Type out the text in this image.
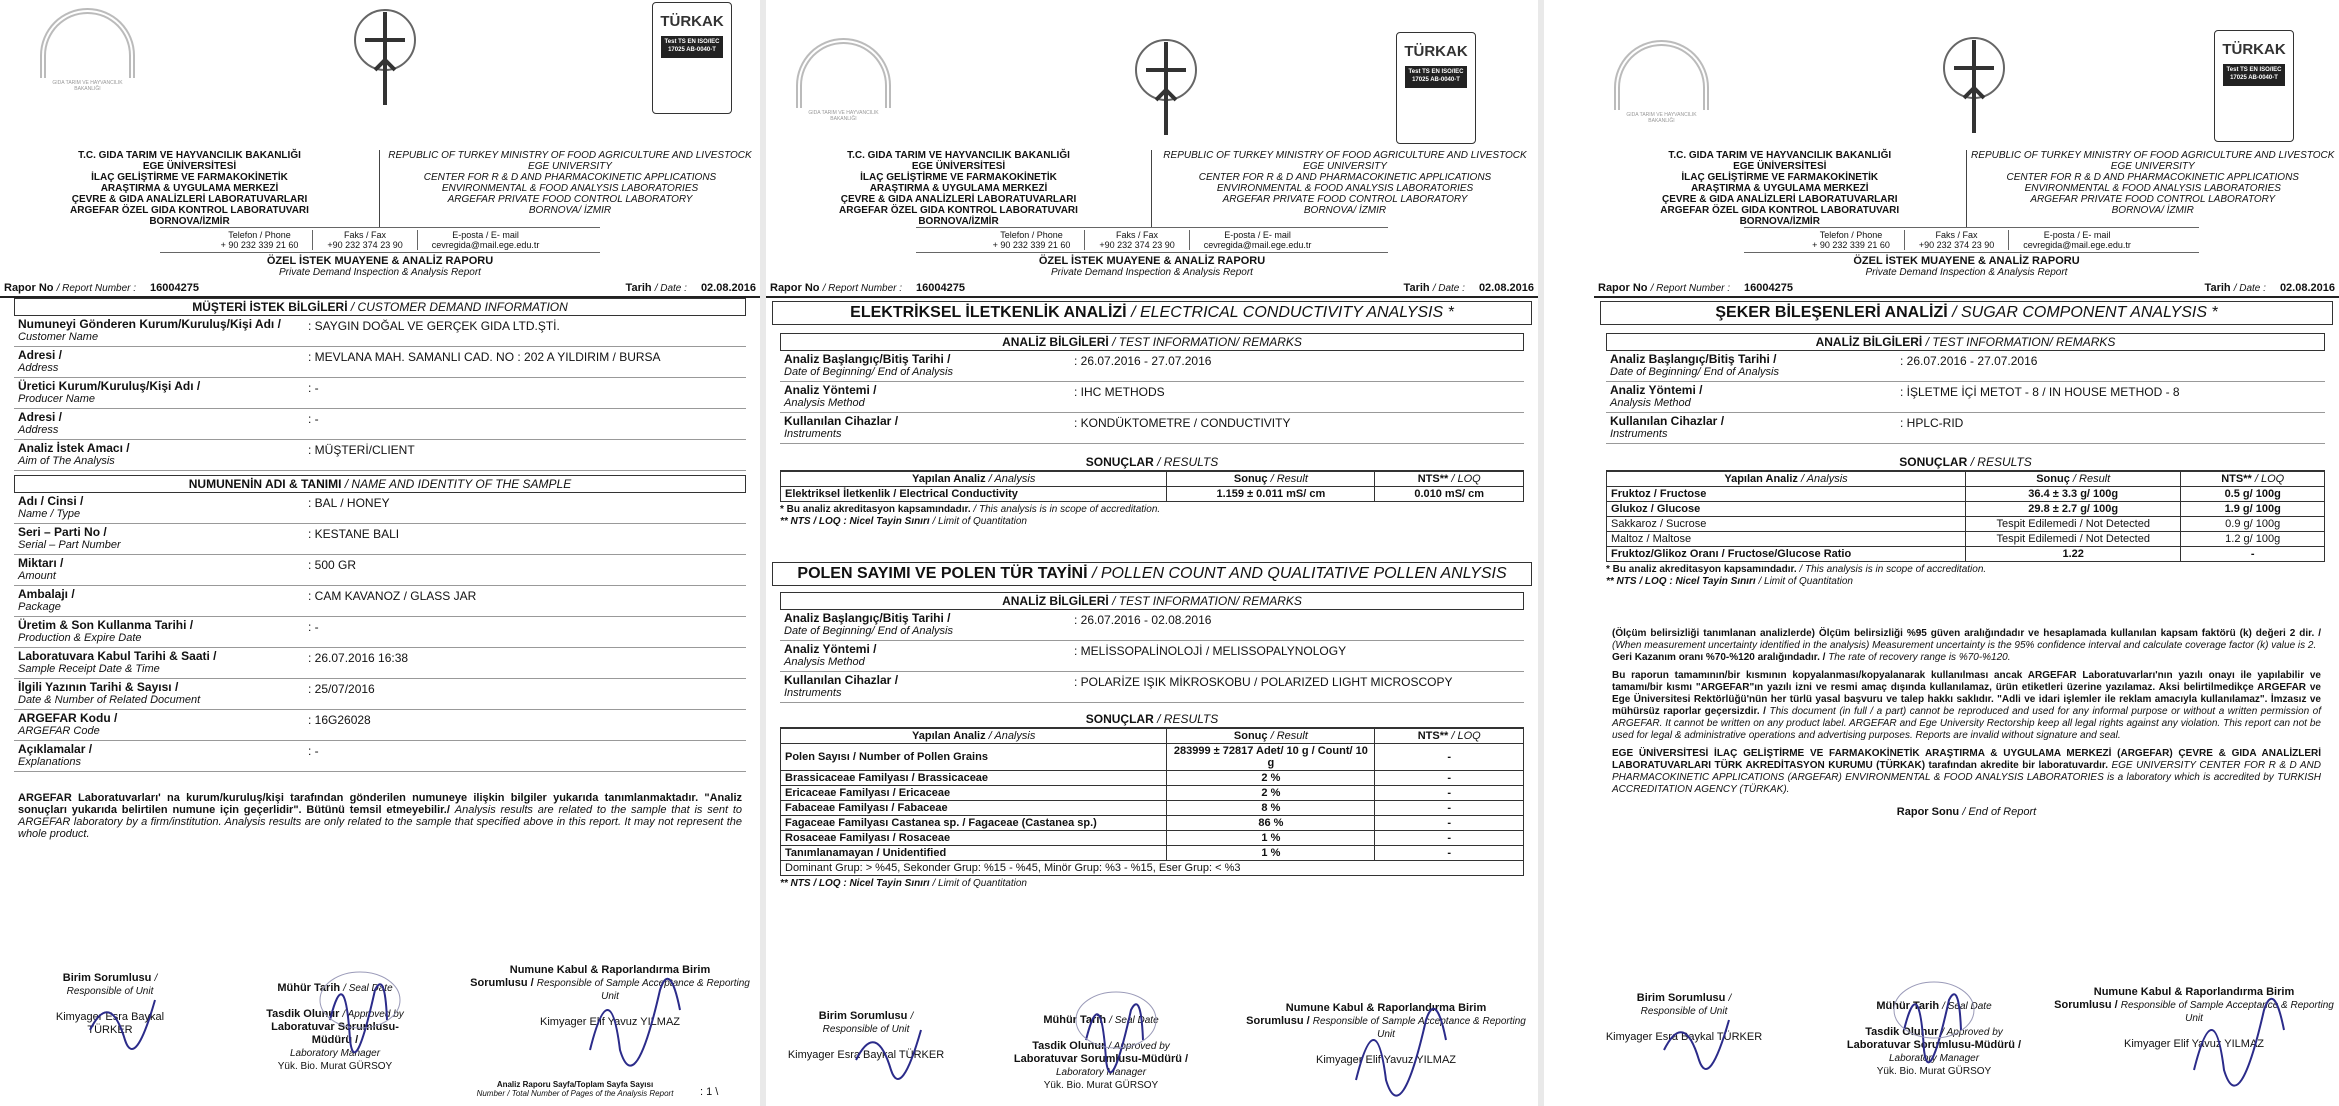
GIDA TARIM VE HAYVANCILIK BAKANLIĞI
TÜRKAK
Test TS EN ISO/IEC 17025 AB-0040-T
T.C. GIDA TARIM VE HAYVANCILIK BAKANLIĞI
EGE ÜNİVERSİTESİ
İLAÇ GELİŞTİRME VE FARMAKOKİNETİK
ARAŞTIRMA & UYGULAMA MERKEZİ
ÇEVRE & GIDA ANALİZLERİ LABORATUVARLARI
ARGEFAR ÖZEL GIDA KONTROL LABORATUVARI
BORNOVA/İZMİR
REPUBLIC OF TURKEY MINISTRY OF FOOD AGRICULTURE AND LIVESTOCK
EGE UNIVERSITY
CENTER FOR R & D AND PHARMACOKINETIC APPLICATIONS
ENVIRONMENTAL & FOOD ANALYSIS LABORATORIES
ARGEFAR PRIVATE FOOD CONTROL LABORATORY
BORNOVA/ İZMIR
Telefon / Phone
+ 90 232 339 21 60
Faks / Fax
+90 232 374 23 90
E-posta / E- mail
cevregida@mail.ege.edu.tr
ÖZEL İSTEK MUAYENE & ANALİZ RAPORU
Private Demand Inspection & Analysis Report
Rapor No / Report Number : 16004275	Tarih / Date : 02.08.2016
MÜŞTERİ İSTEK BİLGİLERİ / CUSTOMER DEMAND INFORMATION
Numuneyi Gönderen Kurum/Kuruluş/Kişi Adı /
Customer Name
: SAYGIN DOĞAL VE GERÇEK GIDA LTD.ŞTİ.
Adresi /
Address
: MEVLANA MAH. SAMANLI CAD. NO : 202 A YILDIRIM / BURSA
Üretici Kurum/Kuruluş/Kişi Adı /
Producer Name
: -
Adresi /
Address
: -
Analiz İstek Amacı /
Aim of The Analysis
: MÜŞTERİ/CLIENT
NUMUNENİN ADI & TANIMI / NAME AND IDENTITY OF THE SAMPLE
Adı / Cinsi /
Name / Type
: BAL / HONEY
Seri – Parti No /
Serial – Part Number
: KESTANE BALI
Miktarı /
Amount
: 500 GR
Ambalajı /
Package
: CAM KAVANOZ / GLASS JAR
Üretim & Son Kullanma Tarihi /
Production & Expire Date
: -
Laboratuvara Kabul Tarihi & Saati /
Sample Receipt Date & Time
: 26.07.2016 16:38
İlgili Yazının Tarihi & Sayısı /
Date & Number of Related Document
: 25/07/2016
ARGEFAR Kodu /
ARGEFAR Code
: 16G26028
Açıklamalar /
Explanations
: -
ARGEFAR Laboratuvarları' na kurum/kuruluş/kişi tarafından gönderilen numuneye ilişkin bilgiler yukarıda tanımlanmaktadır. "Analiz sonuçları yukarıda belirtilen numune için geçerlidir". Bütünü temsil etmeyebilir./ Analysis results are related to the sample that is sent to ARGEFAR laboratory by a firm/institution. Analysis results are only related to the sample that specified above in this report. It may not represent the whole product.
Birim Sorumlusu /
Responsible of Unit

Kimyager Esra Baykal TÜRKER
Mühür Tarih / Seal Date

Tasdik Olunur / Approved by
Laboratuvar Sorumlusu-Müdürü /
Laboratory Manager
Yük. Bio. Murat GÜRSOY
Numune Kabul & Raporlandırma Birim
Sorumlusu / Responsible of Sample Acceptance & Reporting Unit

Kimyager Elif Yavuz YILMAZ
Analiz Raporu Sayfa/Toplam Sayfa Sayısı
Number / Total Number of Pages of the Analysis Report	: 1 \
GIDA TARIM VE HAYVANCILIK BAKANLIĞI
TÜRKAK
Test TS EN ISO/IEC 17025 AB-0040-T
T.C. GIDA TARIM VE HAYVANCILIK BAKANLIĞI
EGE ÜNİVERSİTESİ
İLAÇ GELİŞTİRME VE FARMAKOKİNETİK
ARAŞTIRMA & UYGULAMA MERKEZİ
ÇEVRE & GIDA ANALİZLERİ LABORATUVARLARI
ARGEFAR ÖZEL GIDA KONTROL LABORATUVARI
BORNOVA/İZMİR
REPUBLIC OF TURKEY MINISTRY OF FOOD AGRICULTURE AND LIVESTOCK
EGE UNIVERSITY
CENTER FOR R & D AND PHARMACOKINETIC APPLICATIONS
ENVIRONMENTAL & FOOD ANALYSIS LABORATORIES
ARGEFAR PRIVATE FOOD CONTROL LABORATORY
BORNOVA/ İZMIR
Telefon / Phone
+ 90 232 339 21 60
Faks / Fax
+90 232 374 23 90
E-posta / E- mail
cevregida@mail.ege.edu.tr
ÖZEL İSTEK MUAYENE & ANALİZ RAPORU
Private Demand Inspection & Analysis Report
Rapor No / Report Number : 16004275	Tarih / Date : 02.08.2016
ELEKTRİKSEL İLETKENLİK ANALİZİ / ELECTRICAL CONDUCTIVITY ANALYSIS *
ANALİZ BİLGİLERİ / TEST INFORMATION/ REMARKS
Analiz Başlangıç/Bitiş Tarihi /
Date of Beginning/ End of Analysis
: 26.07.2016 - 27.07.2016
Analiz Yöntemi /
Analysis Method
: IHC METHODS
Kullanılan Cihazlar /
Instruments
: KONDÜKTOMETRE / CONDUCTIVITY
SONUÇLAR / RESULTS
Yapılan Analiz / Analysis	Sonuç / Result	NTS** / LOQ
Elektriksel İletkenlik / Electrical Conductivity	1.159 ± 0.011 mS/ cm	0.010 mS/ cm
* Bu analiz akreditasyon kapsamındadır. / This analysis is in scope of accreditation.
** NTS / LOQ : Nicel Tayin Sınırı / Limit of Quantitation
POLEN SAYIMI VE POLEN TÜR TAYİNİ / POLLEN COUNT AND QUALITATIVE POLLEN ANLYSIS
ANALİZ BİLGİLERİ / TEST INFORMATION/ REMARKS
Analiz Başlangıç/Bitiş Tarihi /
Date of Beginning/ End of Analysis
: 26.07.2016 - 02.08.2016
Analiz Yöntemi /
Analysis Method
: MELİSSOPALİNOLOJİ / MELISSOPALYNOLOGY
Kullanılan Cihazlar /
Instruments
: POLARİZE IŞIK MİKROSKOBU / POLARIZED LIGHT MICROSCOPY
SONUÇLAR / RESULTS
Yapılan Analiz / Analysis	Sonuç / Result	NTS** / LOQ
Polen Sayısı / Number of Pollen Grains	283999 ± 72817 Adet/ 10 g / Count/ 10 g	-
Brassicaceae Familyası / Brassicaceae	2 %	-
Ericaceae Familyası / Ericaceae	2 %	-
Fabaceae Familyası / Fabaceae	8 %	-
Fagaceae Familyası Castanea sp. / Fagaceae (Castanea sp.)	86 %	-
Rosaceae Familyası / Rosaceae	1 %	-
Tanımlanamayan / Unidentified	1 %	-
Dominant Grup: > %45, Sekonder Grup: %15 - %45, Minör Grup: %3 - %15, Eser Grup: < %3		
** NTS / LOQ : Nicel Tayin Sınırı / Limit of Quantitation
Birim Sorumlusu /
Responsible of Unit

Kimyager Esra Baykal TÜRKER
Mühür Tarih / Seal Date

Tasdik Olunur / Approved by
Laboratuvar Sorumlusu-Müdürü /
Laboratory Manager
Yük. Bio. Murat GÜRSOY
Numune Kabul & Raporlandırma Birim
Sorumlusu / Responsible of Sample Acceptance & Reporting Unit

Kimyager Elif Yavuz YILMAZ
GIDA TARIM VE HAYVANCILIK BAKANLIĞI
TÜRKAK
Test TS EN ISO/IEC 17025 AB-0040-T
T.C. GIDA TARIM VE HAYVANCILIK BAKANLIĞI
EGE ÜNİVERSİTESİ
İLAÇ GELİŞTİRME VE FARMAKOKİNETİK
ARAŞTIRMA & UYGULAMA MERKEZİ
ÇEVRE & GIDA ANALİZLERİ LABORATUVARLARI
ARGEFAR ÖZEL GIDA KONTROL LABORATUVARI
BORNOVA/İZMİR
REPUBLIC OF TURKEY MINISTRY OF FOOD AGRICULTURE AND LIVESTOCK
EGE UNIVERSITY
CENTER FOR R & D AND PHARMACOKINETIC APPLICATIONS
ENVIRONMENTAL & FOOD ANALYSIS LABORATORIES
ARGEFAR PRIVATE FOOD CONTROL LABORATORY
BORNOVA/ İZMIR
Telefon / Phone
+ 90 232 339 21 60
Faks / Fax
+90 232 374 23 90
E-posta / E- mail
cevregida@mail.ege.edu.tr
ÖZEL İSTEK MUAYENE & ANALİZ RAPORU
Private Demand Inspection & Analysis Report
Rapor No / Report Number : 16004275	Tarih / Date : 02.08.2016
ŞEKER BİLEŞENLERİ ANALİZİ / SUGAR COMPONENT ANALYSIS *
ANALİZ BİLGİLERİ / TEST INFORMATION/ REMARKS
Analiz Başlangıç/Bitiş Tarihi /
Date of Beginning/ End of Analysis
: 26.07.2016 - 27.07.2016
Analiz Yöntemi /
Analysis Method
: İŞLETME İÇİ METOT - 8 / IN HOUSE METHOD - 8
Kullanılan Cihazlar /
Instruments
: HPLC-RID
SONUÇLAR / RESULTS
Yapılan Analiz / Analysis	Sonuç / Result	NTS** / LOQ
Fruktoz / Fructose	36.4 ± 3.3 g/ 100g	0.5 g/ 100g
Glukoz / Glucose	29.8 ± 2.7 g/ 100g	1.9 g/ 100g
Sakkaroz / Sucrose	Tespit Edilemedi / Not Detected	0.9 g/ 100g
Maltoz / Maltose	Tespit Edilemedi / Not Detected	1.2 g/ 100g
Fruktoz/Glikoz Oranı / Fructose/Glucose Ratio	1.22	-
* Bu analiz akreditasyon kapsamındadır. / This analysis is in scope of accreditation.
** NTS / LOQ : Nicel Tayin Sınırı / Limit of Quantitation
(Ölçüm belirsizliği tanımlanan analizlerde) Ölçüm belirsizliği %95 güven aralığındadır ve hesaplamada kullanılan kapsam faktörü (k) değeri 2 dir. / (When measurement uncertainty identified in the analysis) Measurement uncertainty is the 95% confidence interval and calculate coverage factor (k) value is 2.
Geri Kazanım oranı %70-%120 aralığındadır. / The rate of recovery range is %70-%120.
Bu raporun tamamının/bir kısmının kopyalanması/kopyalanarak kullanılması ancak ARGEFAR Laboratuvarları'nın yazılı onayı ile yapılabilir ve tamamı/bir kısmı "ARGEFAR"ın yazılı izni ve resmi amaç dışında kullanılamaz, ürün etiketleri üzerine yazılamaz. Aksi belirtilmedikçe ARGEFAR ve Ege Üniversitesi Rektörlüğü'nün her türlü yasal başvuru ve talep hakkı saklıdır. "Adli ve idari işlemler ile reklam amacıyla kullanılamaz". İmzasız ve mühürsüz raporlar geçersizdir. / This document (in full / a part) cannot be reproduced and used for any informal purpose or without a written permission of ARGEFAR. It cannot be written on any product label. ARGEFAR and Ege University Rectorship keep all legal rights against any violation. This report can not be used for legal & administrative operations and advertising purposes. Reports are invalid without signature and seal.
EGE ÜNİVERSİTESİ İLAÇ GELİŞTİRME VE FARMAKOKİNETİK ARAŞTIRMA & UYGULAMA MERKEZİ (ARGEFAR) ÇEVRE & GIDA ANALİZLERİ LABORATUVARLARI TÜRK AKREDİTASYON KURUMU (TÜRKAK) tarafından akredite bir laboratuvardır. EGE UNIVERSITY CENTER FOR R & D AND PHARMACOKINETIC APPLICATIONS (ARGEFAR) ENVIRONMENTAL & FOOD ANALYSIS LABORATORIES is a laboratory which is accredited by TURKISH ACCREDITATION AGENCY (TÜRKAK).
Rapor Sonu / End of Report
Birim Sorumlusu /
Responsible of Unit

Kimyager Esra Baykal TÜRKER
Mühür Tarih / Seal Date

Tasdik Olunur / Approved by
Laboratuvar Sorumlusu-Müdürü /
Laboratory Manager
Yük. Bio. Murat GÜRSOY
Numune Kabul & Raporlandırma Birim
Sorumlusu / Responsible of Sample Acceptance & Reporting Unit

Kimyager Elif Yavuz YILMAZ
